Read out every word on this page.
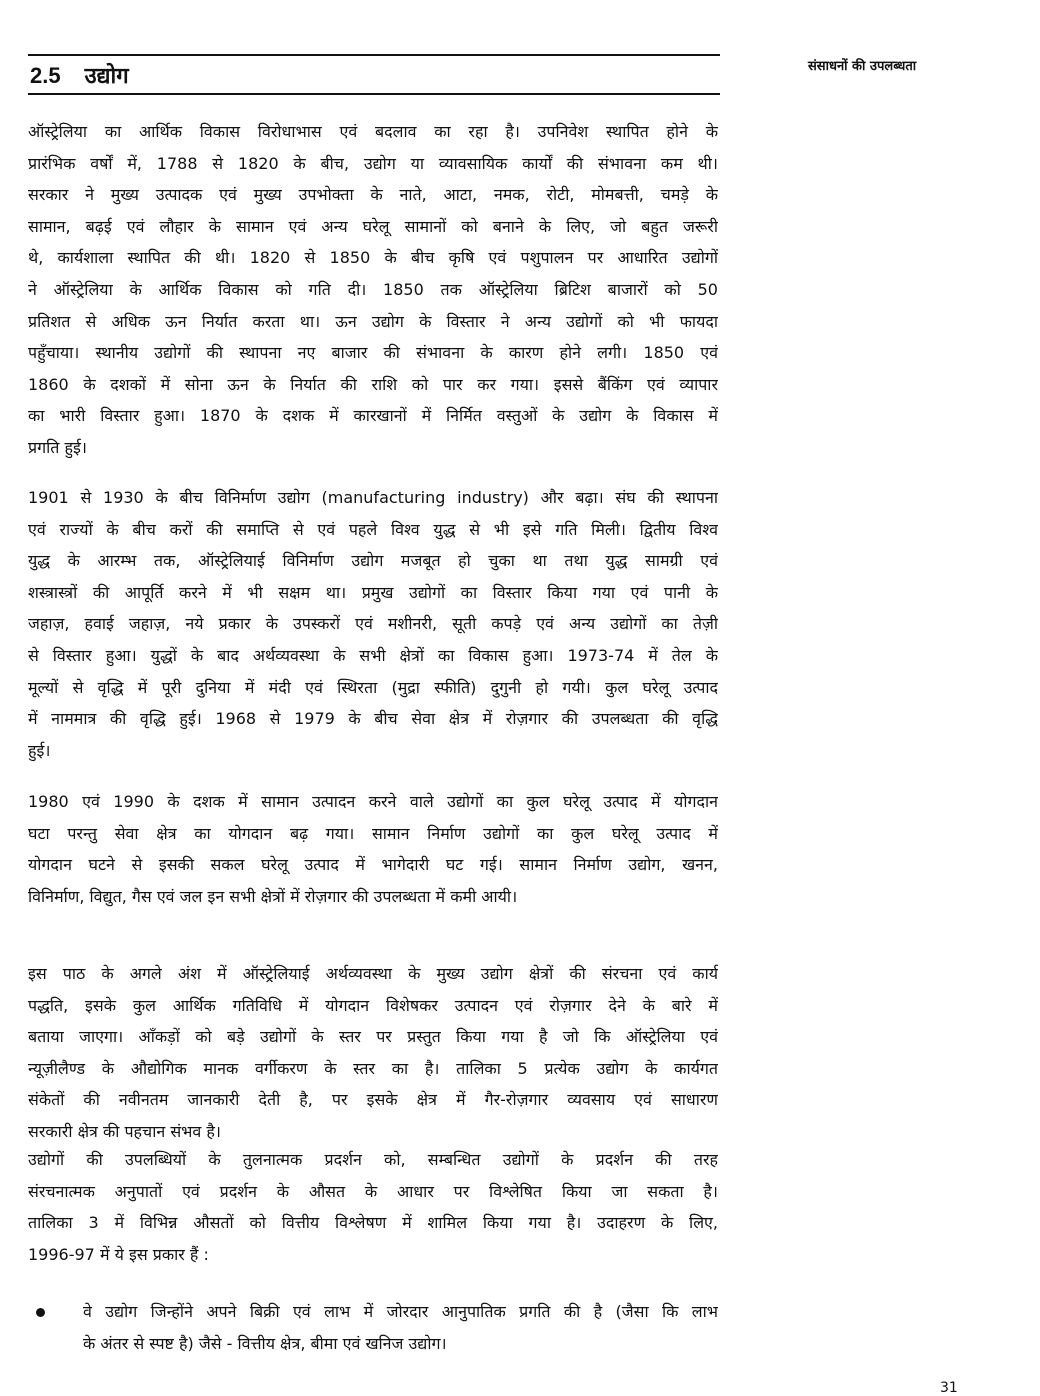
2.5 उद्योग	संसाधनों की उपलब्धता
ऑस्ट्रेलिया का आर्थिक विकास विरोधाभास एवं बदलाव का रहा है। उपनिवेश स्थापित होने के
प्रारंभिक वर्षों में, 1788 से 1820 के बीच, उद्योग या व्यावसायिक कार्यों की संभावना कम थी।
सरकार ने मुख्य उत्पादक एवं मुख्य उपभोक्ता के नाते, आटा, नमक, रोटी, मोमबत्ती, चमड़े के
सामान, बढ़ई एवं लौहार के सामान एवं अन्य घरेलू सामानों को बनाने के लिए, जो बहुत जरूरी
थे, कार्यशाला स्थापित की थी। 1820 से 1850 के बीच कृषि एवं पशुपालन पर आधारित उद्योगों
ने ऑस्ट्रेलिया के आर्थिक विकास को गति दी। 1850 तक ऑस्ट्रेलिया ब्रिटिश बाजारों को 50
प्रतिशत से अधिक ऊन निर्यात करता था। ऊन उद्योग के विस्तार ने अन्य उद्योगों को भी फायदा
पहुँचाया। स्थानीय उद्योगों की स्थापना नए बाजार की संभावना के कारण होने लगी। 1850 एवं
1860 के दशकों में सोना ऊन के निर्यात की राशि को पार कर गया। इससे बैंकिंग एवं व्यापार
का भारी विस्तार हुआ। 1870 के दशक में कारखानों में निर्मित वस्तुओं के उद्योग के विकास में
प्रगति हुई।
1901 से 1930 के बीच विनिर्माण उद्योग (manufacturing industry) और बढ़ा। संघ की स्थापना
एवं राज्यों के बीच करों की समाप्ति से एवं पहले विश्व युद्ध से भी इसे गति मिली। द्वितीय विश्व
युद्ध के आरम्भ तक, ऑस्ट्रेलियाई विनिर्माण उद्योग मजबूत हो चुका था तथा युद्ध सामग्री एवं
शस्त्रास्त्रों की आपूर्ति करने में भी सक्षम था। प्रमुख उद्योगों का विस्तार किया गया एवं पानी के
जहाज़, हवाई जहाज़, नये प्रकार के उपस्करों एवं मशीनरी, सूती कपड़े एवं अन्य उद्योगों का तेज़ी
से विस्तार हुआ। युद्धों के बाद अर्थव्यवस्था के सभी क्षेत्रों का विकास हुआ। 1973-74 में तेल के
मूल्यों से वृद्धि में पूरी दुनिया में मंदी एवं स्थिरता (मुद्रा स्फीति) दुगुनी हो गयी। कुल घरेलू उत्पाद
में नाममात्र की वृद्धि हुई। 1968 से 1979 के बीच सेवा क्षेत्र में रोज़गार की उपलब्धता की वृद्धि
हुई।
1980 एवं 1990 के दशक में सामान उत्पादन करने वाले उद्योगों का कुल घरेलू उत्पाद में योगदान
घटा परन्तु सेवा क्षेत्र का योगदान बढ़ गया। सामान निर्माण उद्योगों का कुल घरेलू उत्पाद में
योगदान घटने से इसकी सकल घरेलू उत्पाद में भागेदारी घट गई। सामान निर्माण उद्योग, खनन,
विनिर्माण, विद्युत, गैस एवं जल इन सभी क्षेत्रों में रोज़गार की उपलब्धता में कमी आयी।
इस पाठ के अगले अंश में ऑस्ट्रेलियाई अर्थव्यवस्था के मुख्य उद्योग क्षेत्रों की संरचना एवं कार्य
पद्धति, इसके कुल आर्थिक गतिविधि में योगदान विशेषकर उत्पादन एवं रोज़गार देने के बारे में
बताया जाएगा। आँकड़ों को बड़े उद्योगों के स्तर पर प्रस्तुत किया गया है जो कि ऑस्ट्रेलिया एवं
न्यूज़ीलैण्ड के औद्योगिक मानक वर्गीकरण के स्तर का है। तालिका 5 प्रत्येक उद्योग के कार्यगत
संकेतों की नवीनतम जानकारी देती है, पर इसके क्षेत्र में गैर-रोज़गार व्यवसाय एवं साधारण
सरकारी क्षेत्र की पहचान संभव है।
उद्योगों की उपलब्धियों के तुलनात्मक प्रदर्शन को, सम्बन्धित उद्योगों के प्रदर्शन की तरह
संरचनात्मक अनुपातों एवं प्रदर्शन के औसत के आधार पर विश्लेषित किया जा सकता है।
तालिका 3 में विभिन्न औसतों को वित्तीय विश्लेषण में शामिल किया गया है। उदाहरण के लिए,
1996-97 में ये इस प्रकार हैं :
वे उद्योग जिन्होंने अपने बिक्री एवं लाभ में जोरदार आनुपातिक प्रगति की है (जैसा कि लाभ
के अंतर से स्पष्ट है) जैसे - वित्तीय क्षेत्र, बीमा एवं खनिज उद्योग।
31
